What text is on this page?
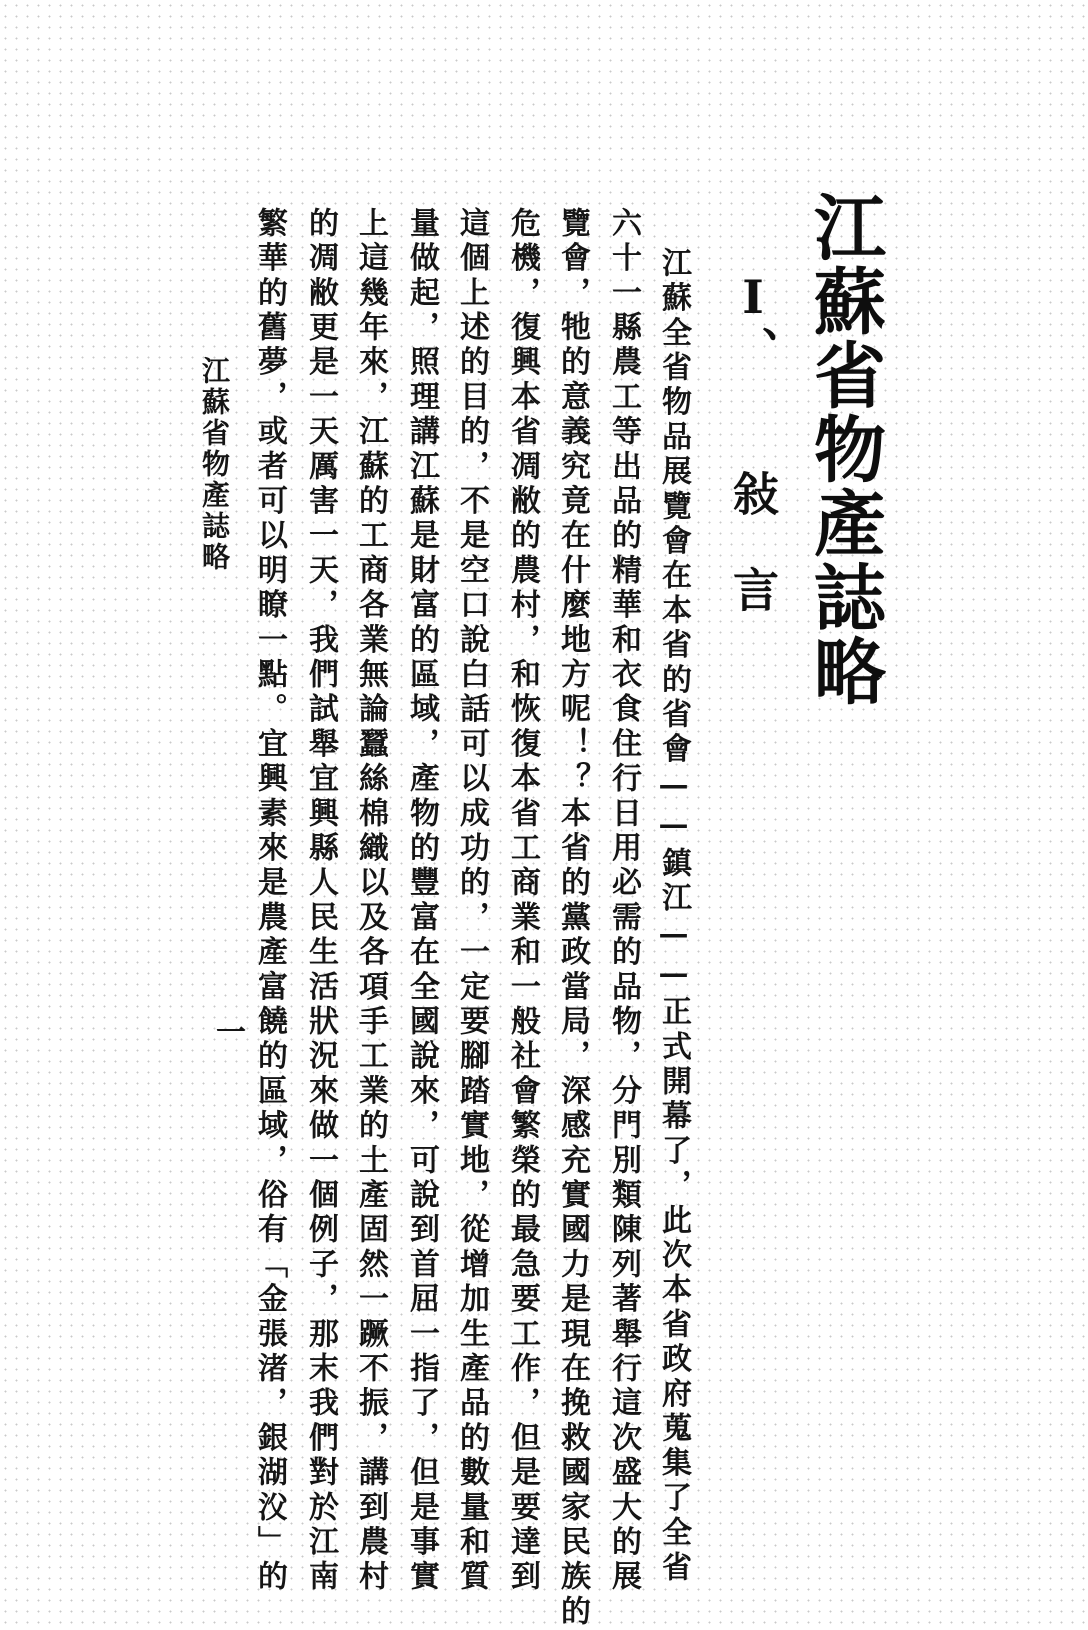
江蘇省物產誌略
I、敍　言
江蘇全省物品展覽會在本省的省會——鎮江——正式開幕了，此次本省政府蒐集了全省
六十一縣農工等出品的精華和衣食住行日用必需的品物，分門別類陳列著舉行這次盛大的展
覽會，牠的意義究竟在什麼地方呢！？本省的黨政當局，深感充實國力是現在挽救國家民族的
危機，復興本省凋敝的農村，和恢復本省工商業和一般社會繁榮的最急要工作，但是要達到
這個上述的目的，不是空口說白話可以成功的，一定要腳踏實地，從增加生產品的數量和質
量做起，照理講江蘇是財富的區域，產物的豐富在全國說來，可說到首屈一指了，但是事實
上這幾年來，江蘇的工商各業無論蠶絲棉織以及各項手工業的土產固然一蹶不振，講到農村
的凋敝更是一天厲害一天，我們試舉宜興縣人民生活狀況來做一個例子，那末我們對於江南
繁華的舊夢，或者可以明瞭一點。宜興素來是農產富饒的區域，俗有「金張渚，銀湖㳇」的
江蘇省物產誌略
一
